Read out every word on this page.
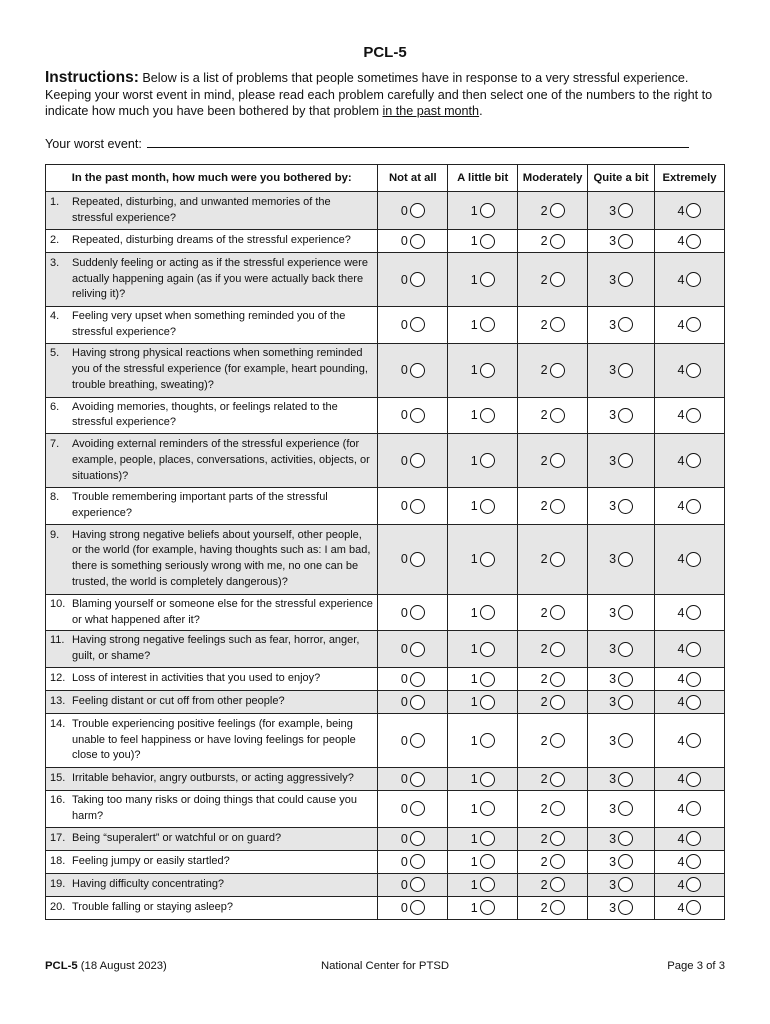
PCL-5
Instructions: Below is a list of problems that people sometimes have in response to a very stressful experience. Keeping your worst event in mind, please read each problem carefully and then select one of the numbers to the right to indicate how much you have been bothered by that problem in the past month.
Your worst event:
In the past month, how much were you bothered by:	Not at all	A little bit	Moderately	Quite a bit	Extremely

1. Repeated, disturbing, and unwanted memories of the stressful experience?	0	1	2	3	4

2. Repeated, disturbing dreams of the stressful experience?	0	1	2	3	4

3. Suddenly feeling or acting as if the stressful experience were actually happening again (as if you were actually back there reliving it)?	0	1	2	3	4

4. Feeling very upset when something reminded you of the stressful experience?	0	1	2	3	4

5. Having strong physical reactions when something reminded you of the stressful experience (for example, heart pounding, trouble breathing, sweating)?	0	1	2	3	4

6. Avoiding memories, thoughts, or feelings related to the stressful experience?	0	1	2	3	4

7. Avoiding external reminders of the stressful experience (for example, people, places, conversations, activities, objects, or situations)?	0	1	2	3	4

8. Trouble remembering important parts of the stressful experience?	0	1	2	3	4

9. Having strong negative beliefs about yourself, other people, or the world (for example, having thoughts such as: I am bad, there is something seriously wrong with me, no one can be trusted, the world is completely dangerous)?	0	1	2	3	4

10. Blaming yourself or someone else for the stressful experience or what happened after it?	0	1	2	3	4

11. Having strong negative feelings such as fear, horror, anger, guilt, or shame?	0	1	2	3	4

12. Loss of interest in activities that you used to enjoy?	0	1	2	3	4

13. Feeling distant or cut off from other people?	0	1	2	3	4

14. Trouble experiencing positive feelings (for example, being unable to feel happiness or have loving feelings for people close to you)?	0	1	2	3	4

15. Irritable behavior, angry outbursts, or acting aggressively?	0	1	2	3	4

16. Taking too many risks or doing things that could cause you harm?	0	1	2	3	4

17. Being “superalert” or watchful or on guard?	0	1	2	3	4

18. Feeling jumpy or easily startled?	0	1	2	3	4

19. Having difficulty concentrating?	0	1	2	3	4

20. Trouble falling or staying asleep?	0	1	2	3	4
PCL-5 (18 August 2023)	National Center for PTSD	Page 3 of 3
